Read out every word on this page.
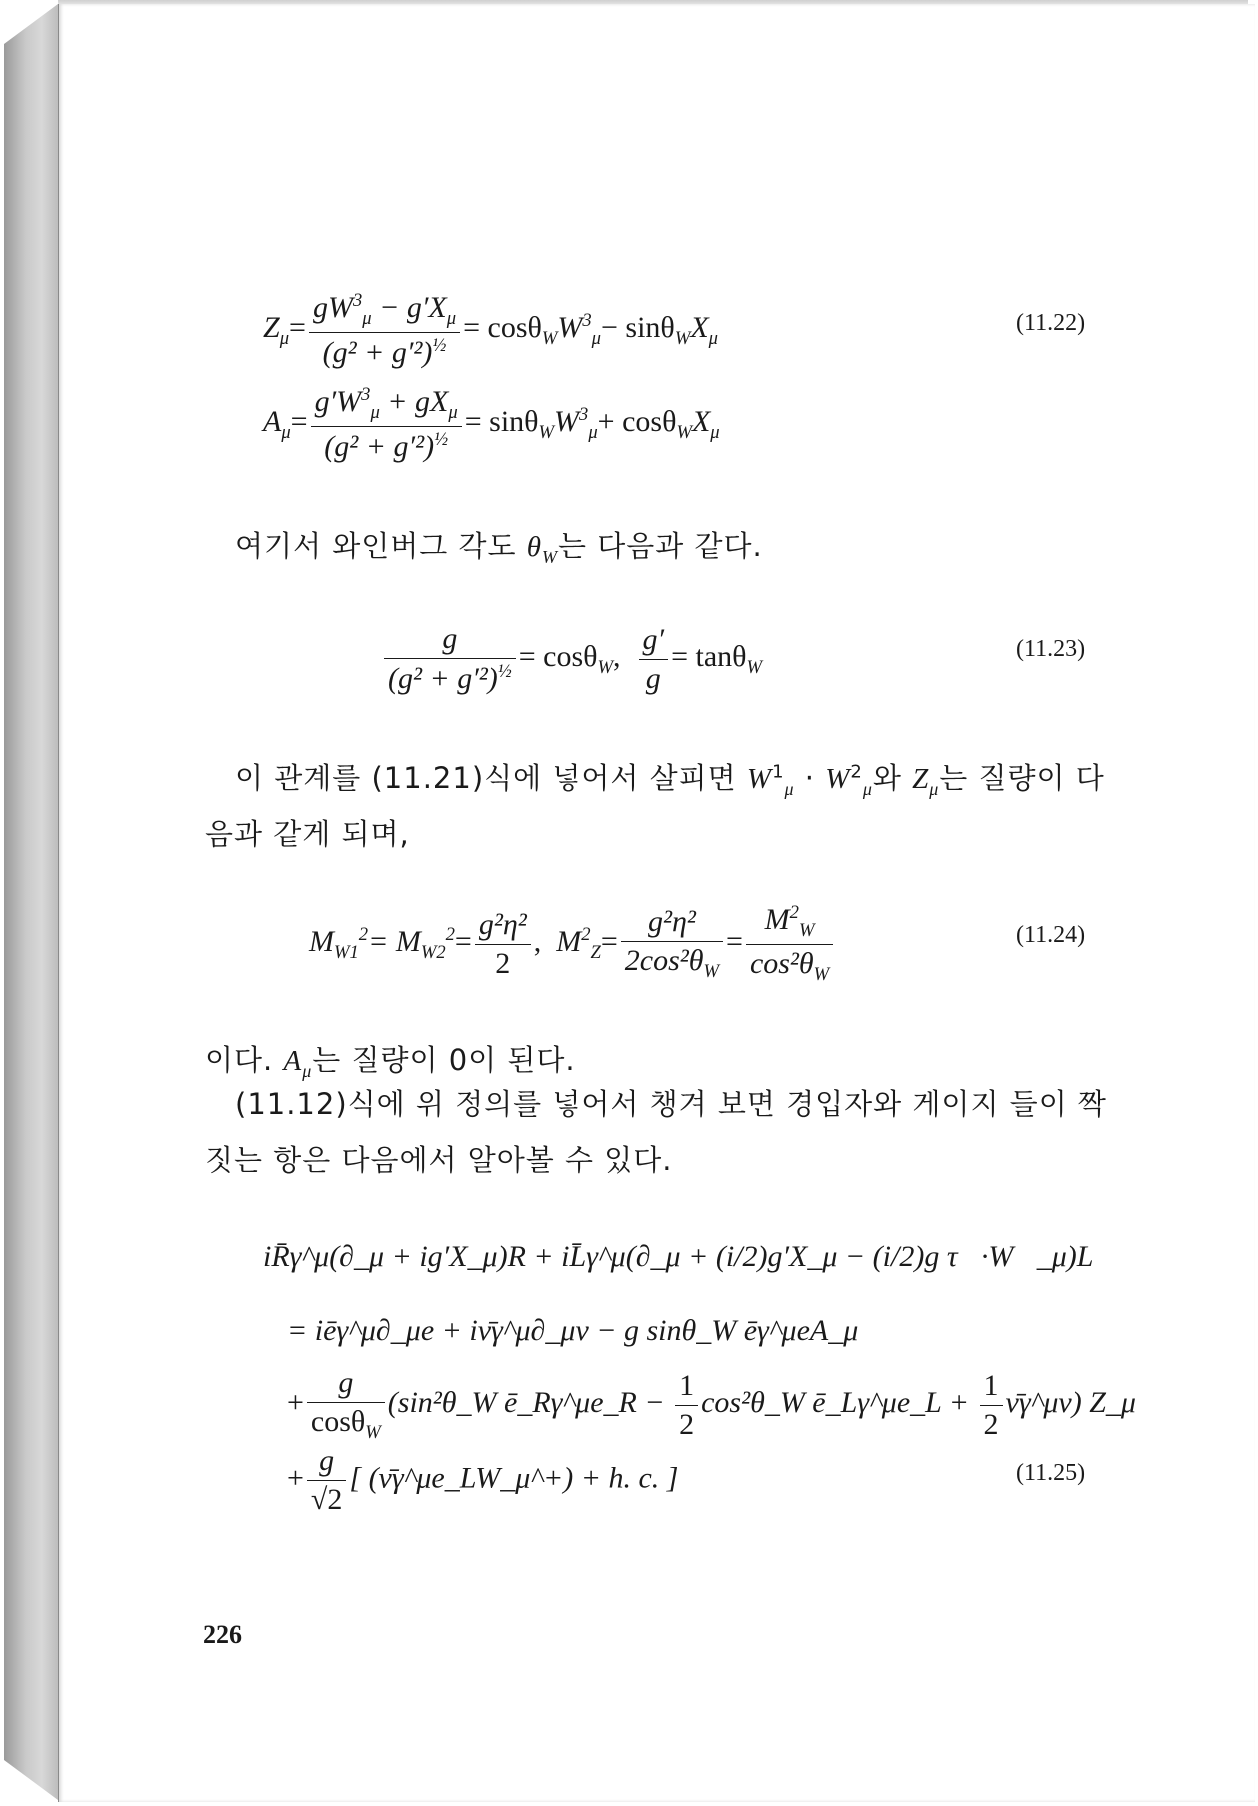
$Z_\mu= \frac{gW^3_\mu - g'X_\mu}{(g^2 + g'^2)^{\frac{1}{2}}} = \cos\theta_WW^3_\mu- \sin\theta_WX_\mu$
(11.22)
$A_\mu= \frac{g'W^3_\mu + gX_\mu}{(g^2 + g'^2)^{\frac{1}{2}}} = \sin\theta_WW^3_\mu+ \cos\theta_WX_\mu$
여기서 와인버그 각도 $\theta_W$는 다음과 같다.
$\frac{g}{(g^2 + g'^2)^{\frac{1}{2}}} = \cos\theta_W$, $\frac{g'}{g} = \tan\theta_W$
(11.23)
이 관계를 (11.21)식에 넣어서 살피면 $W^1_\mu \cdot W^2_\mu$와 $Z_\mu$는 질량이 다
음과 같게 되며,
$M_{W1}^2= M_{W2}^2= \frac{\text{g²η²}}{2}$ , $M^2_Z= \frac{\text{g²η²}}{2\cos^2\theta_W} = \frac{M^2_W}{\cos^2\theta_W}$	(11.24)
이다. $A_\mu$는 질량이 0이 된다.
(11.12)식에 위 정의를 넣어서 챙겨 보면 경입자와 게이지 들이 짝
짓는 항은 다음에서 알아볼 수 있다.
iR̄γ^μ(∂_μ + ig′X_μ)R + iL̄γ^μ(∂_μ + (i/2)g′X_μ − (i/2)g τ⃗·W⃗_μ)L
= iēγ^μ∂_μe + iν̄γ^μ∂_μν − g sinθ_W ēγ^μeA_μ
+ $\frac{g}{\cos\theta_W}$ (sin²θ_W ē_Rγ^μe_R − $\frac{1}{2}$ cos²θ_W ē_Lγ^μe_L + $\frac{1}{2}$ ν̄γ^μν) Z_μ
+ $\frac{g}{√2}$ [ (ν̄γ^μe_LW_μ^+) + h. c. ]	(11.25)
226
